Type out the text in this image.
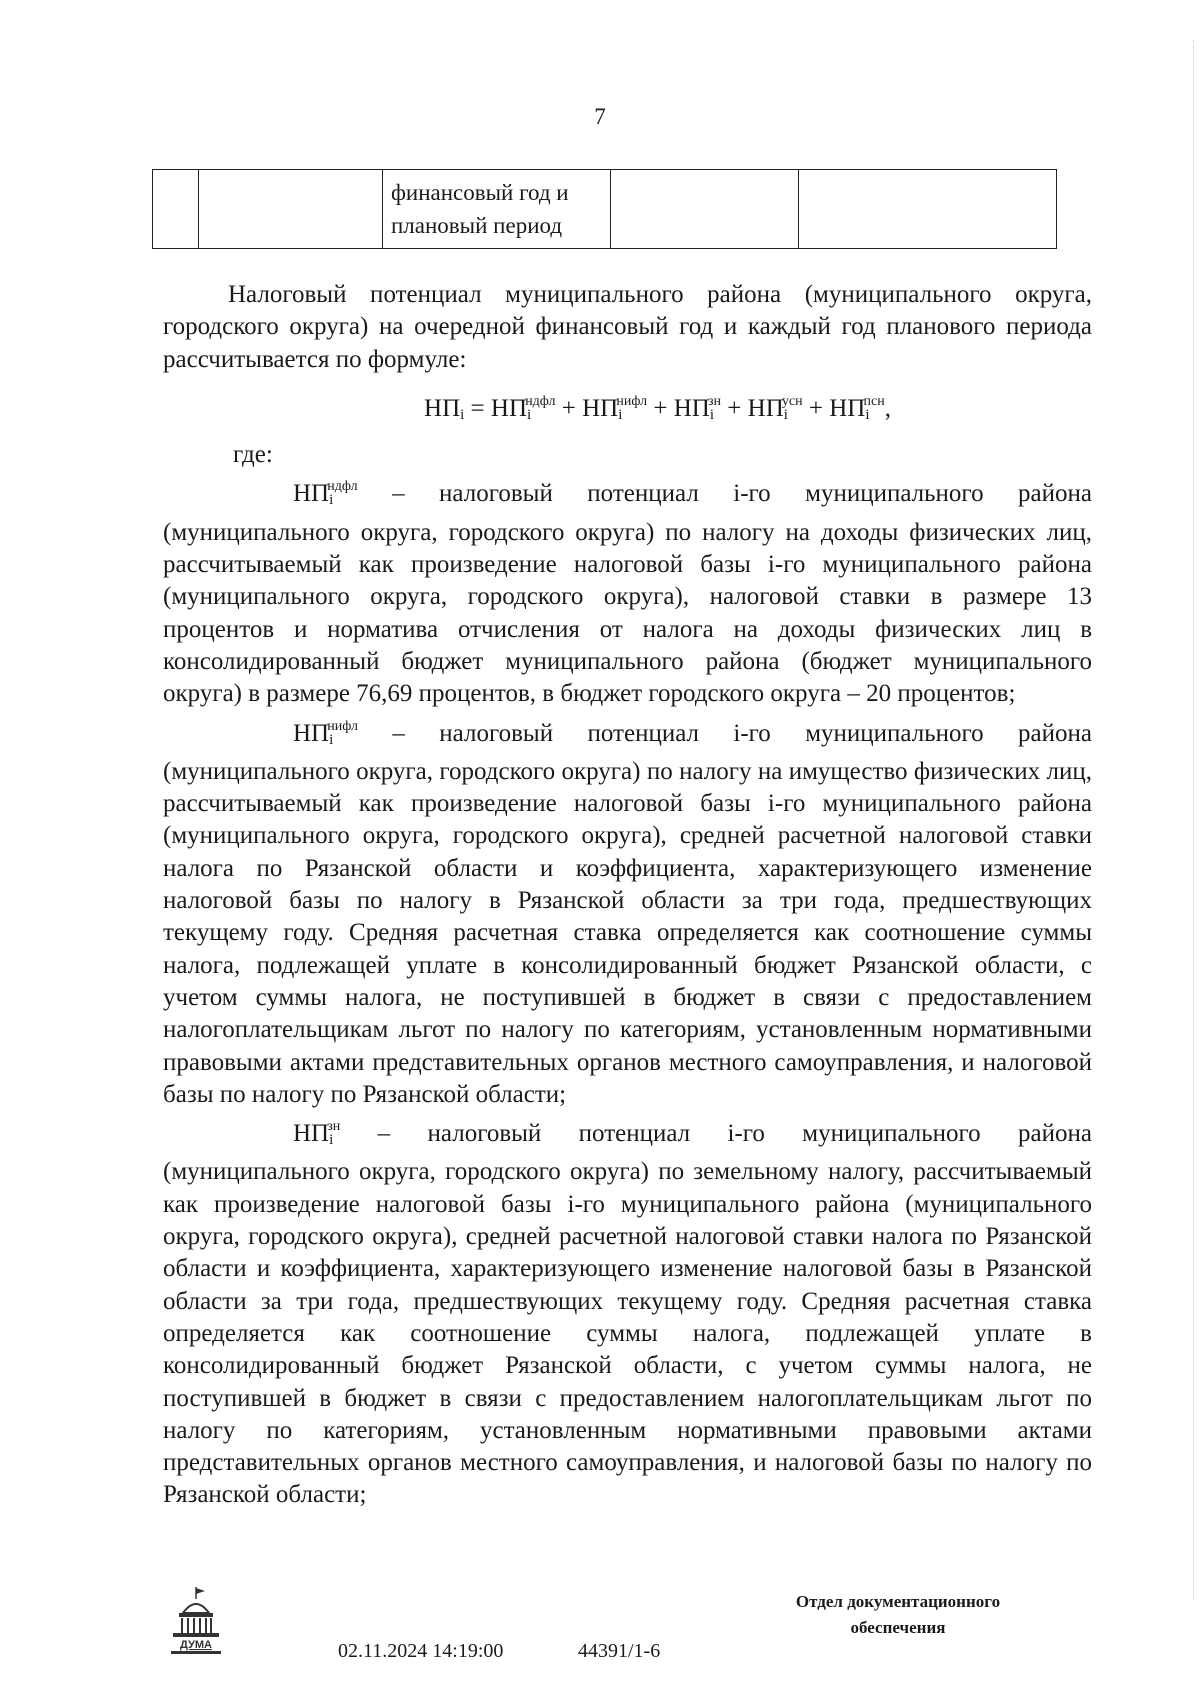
7
		финансовый год и плановый период		

Налоговый потенциал муниципального района (муниципального округа, городского округа) на очередной финансовый год и каждый год планового периода рассчитывается по формуле:

$НП_i = НП_i^{ндфл} + НП_i^{нифл} + НП_i^{зн} + НП_i^{усн} + НП_i^{псн}$,

где:

$НП_i^{ндфл}$ – налоговый потенциал i-го муниципального района (муниципального округа, городского округа) по налогу на доходы физических лиц, рассчитываемый как произведение налоговой базы i-го муниципального района (муниципального округа, городского округа), налоговой ставки в размере 13 процентов и норматива отчисления от налога на доходы физических лиц в консолидированный бюджет муниципального района (бюджет муниципального округа) в размере 76,69 процентов, в бюджет городского округа – 20 процентов;

$НП_i^{нифл}$ – налоговый потенциал i-го муниципального района (муниципального округа, городского округа) по налогу на имущество физических лиц, рассчитываемый как произведение налоговой базы i-го муниципального района (муниципального округа, городского округа), средней расчетной налоговой ставки налога по Рязанской области и коэффициента, характеризующего изменение налоговой базы по налогу в Рязанской области за три года, предшествующих текущему году. Средняя расчетная ставка определяется как соотношение суммы налога, подлежащей уплате в консолидированный бюджет Рязанской области, с учетом суммы налога, не поступившей в бюджет в связи с предоставлением налогоплательщикам льгот по налогу по категориям, установленным нормативными правовыми актами представительных органов местного самоуправления, и налоговой базы по налогу по Рязанской области;

$НП_i^{зн}$ – налоговый потенциал i-го муниципального района (муниципального округа, городского округа) по земельному налогу, рассчитываемый как произведение налоговой базы i-го муниципального района (муниципального округа, городского округа), средней расчетной налоговой ставки налога по Рязанской области и коэффициента, характеризующего изменение налоговой базы в Рязанской области за три года, предшествующих текущему году. Средняя расчетная ставка определяется как соотношение суммы налога, подлежащей уплате в консолидированный бюджет Рязанской области, с учетом суммы налога, не поступившей в бюджет в связи с предоставлением налогоплательщикам льгот по налогу по категориям, установленным нормативными правовыми актами представительных органов местного самоуправления, и налоговой базы по налогу по Рязанской области;

ДУМА	02.11.2024 14:19:00	44391/1-6
Отдел документационного
обеспечения
